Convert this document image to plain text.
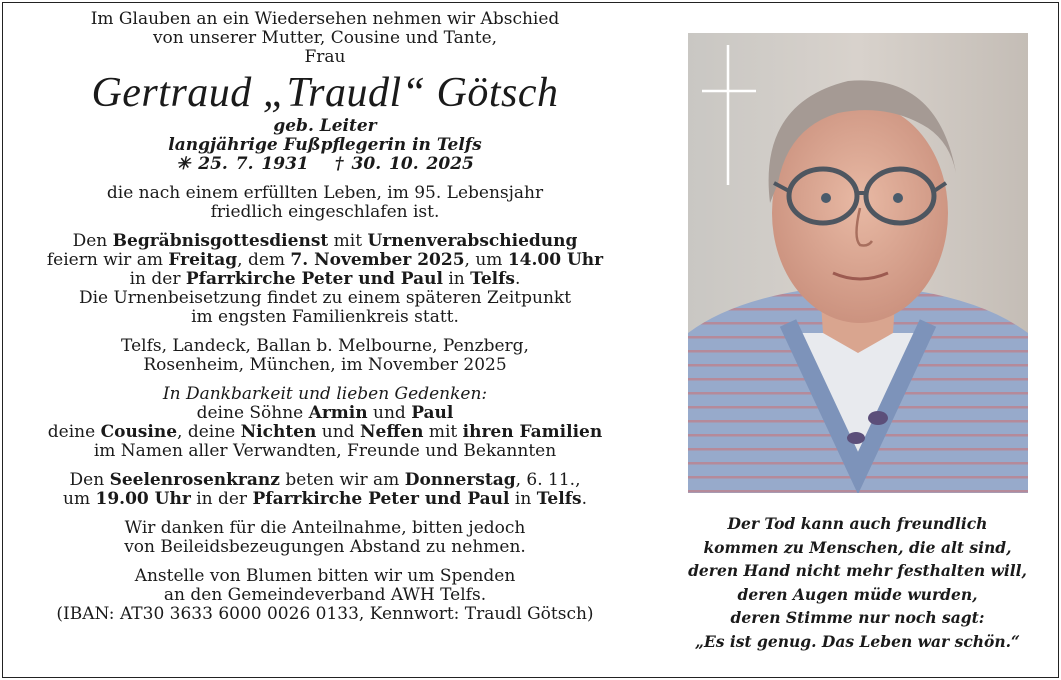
Im Glauben an ein Wiedersehen nehmen wir Abschied

von unserer Mutter, Cousine und Tante,

Frau

Gertraud „Traudl“ Götsch

geb. Leiter

langjährige Fußpflegerin in Telfs

✳ 25. 7. 1931 † 30. 10. 2025

die nach einem erfüllten Leben, im 95. Lebensjahr

friedlich eingeschlafen ist.

Den Begräbnisgottesdienst mit Urnenverabschiedung

feiern wir am Freitag, dem 7. November 2025, um 14.00 Uhr

in der Pfarrkirche Peter und Paul in Telfs.

Die Urnenbeisetzung findet zu einem späteren Zeitpunkt

im engsten Familienkreis statt.

Telfs, Landeck, Ballan b. Melbourne, Penzberg,

Rosenheim, München, im November 2025

In Dankbarkeit und lieben Gedenken:

deine Söhne Armin und Paul

deine Cousine, deine Nichten und Neffen mit ihren Familien

im Namen aller Verwandten, Freunde und Bekannten

Den Seelenrosenkranz beten wir am Donnerstag, 6. 11.,

um 19.00 Uhr in der Pfarrkirche Peter und Paul in Telfs.

Wir danken für die Anteilnahme, bitten jedoch

von Beileidsbezeugungen Abstand zu nehmen.

Anstelle von Blumen bitten wir um Spenden

an den Gemeindeverband AWH Telfs.

(IBAN: AT30 3633 6000 0026 0133, Kennwort: Traudl Götsch)

Der Tod kann auch freundlich

kommen zu Menschen, die alt sind,

deren Hand nicht mehr festhalten will,

deren Augen müde wurden,

deren Stimme nur noch sagt:

„Es ist genug. Das Leben war schön.“
